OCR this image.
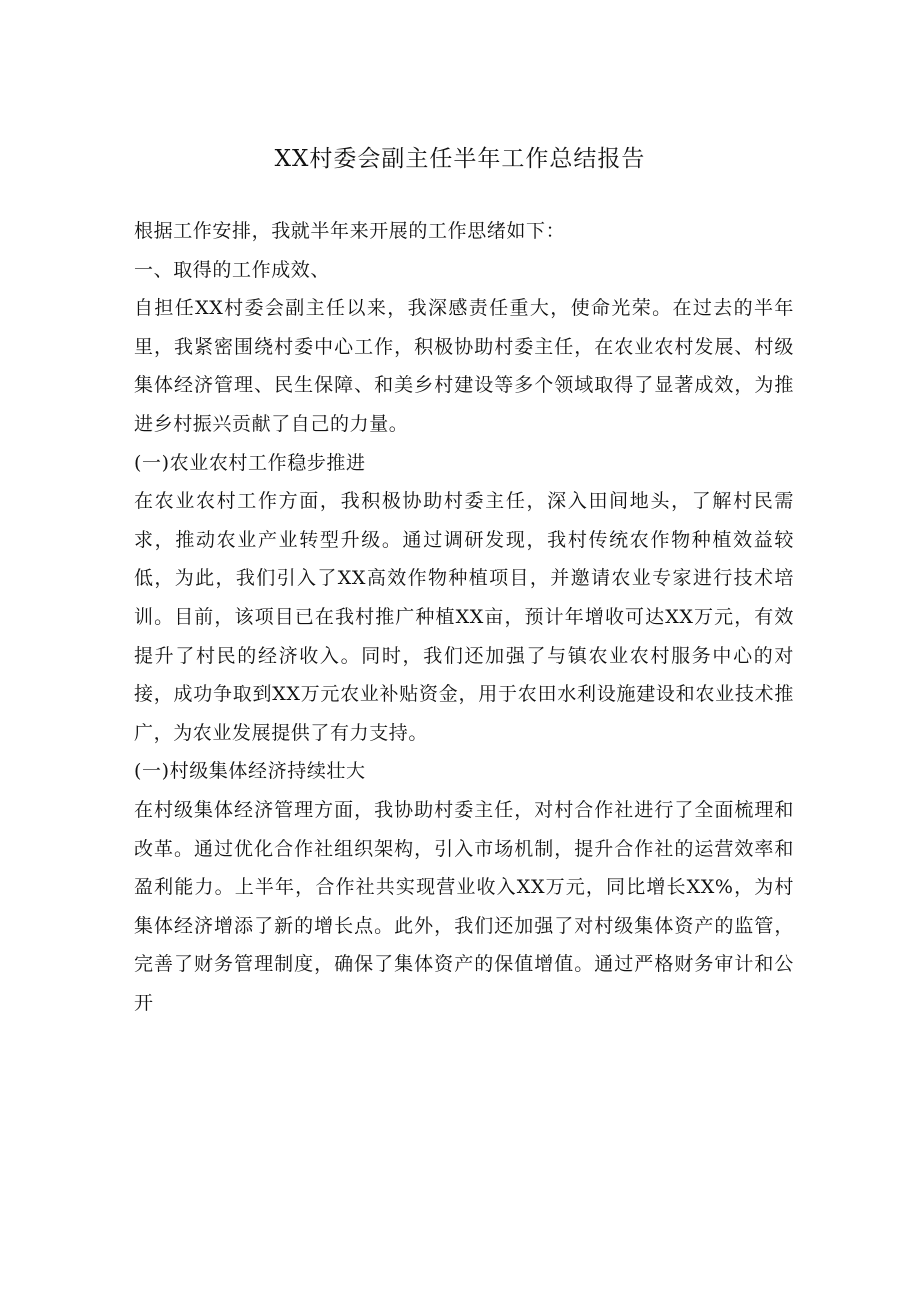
XX村委会副主任半年工作总结报告

根据工作安排，我就半年来开展的工作思绪如下：

一、取得的工作成效、

自担任XX村委会副主任以来，我深感责任重大，使命光荣。在过去的半年里，我紧密围绕村委中心工作，积极协助村委主任，在农业农村发展、村级集体经济管理、民生保障、和美乡村建设等多个领域取得了显著成效，为推进乡村振兴贡献了自己的力量。

(一)农业农村工作稳步推进

在农业农村工作方面，我积极协助村委主任，深入田间地头，了解村民需求，推动农业产业转型升级。通过调研发现，我村传统农作物种植效益较低，为此，我们引入了XX高效作物种植项目，并邀请农业专家进行技术培训。目前，该项目已在我村推广种植XX亩，预计年增收可达XX万元，有效提升了村民的经济收入。同时，我们还加强了与镇农业农村服务中心的对接，成功争取到XX万元农业补贴资金，用于农田水利设施建设和农业技术推广，为农业发展提供了有力支持。

(一)村级集体经济持续壮大

在村级集体经济管理方面，我协助村委主任，对村合作社进行了全面梳理和改革。通过优化合作社组织架构，引入市场机制，提升合作社的运营效率和盈利能力。上半年，合作社共实现营业收入XX万元，同比增长XX%，为村集体经济增添了新的增长点。此外，我们还加强了对村级集体资产的监管，完善了财务管理制度，确保了集体资产的保值增值。通过严格财务审计和公开
